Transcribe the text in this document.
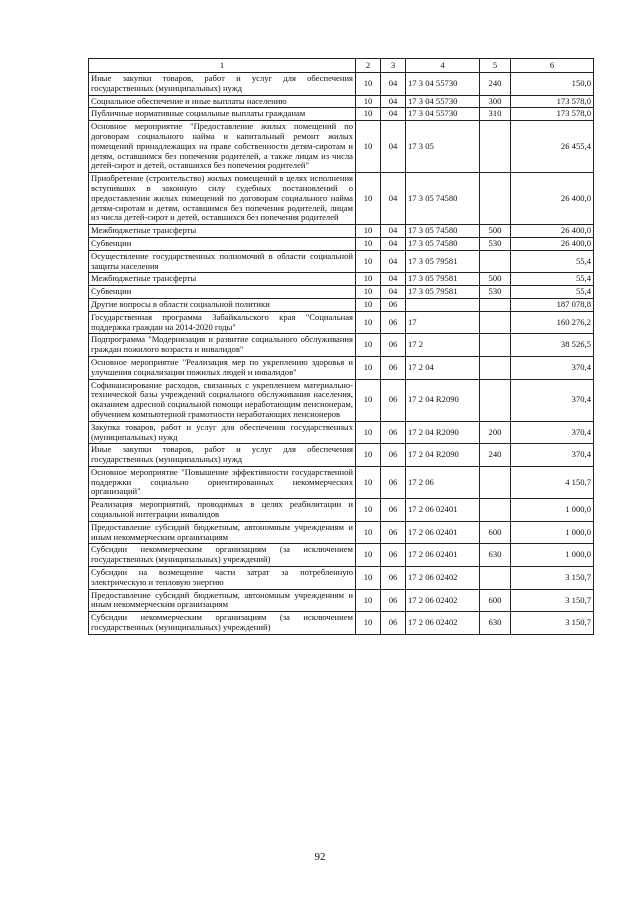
1	2	3	4	5	6
Иные закупки товаров, работ и услуг для обеспечения государственных (муниципальных) нужд	10	04	17 3 04 55730	240	150,0
Социальное обеспечение и иные выплаты населению	10	04	17 3 04 55730	300	173 578,0
Публичные нормативные социальные выплаты гражданам	10	04	17 3 04 55730	310	173 578,0
Основное мероприятие "Предоставление жилых помещений по договорам социального найма и капитальный ремонт жилых помещений принадлежащих на праве собственности детям-сиротам и детям, оставшимся без попечения родителей, а также лицам из числа детей-сирот и детей, оставшихся без попечения родителей"	10	04	17 3 05		26 455,4
Приобретение (строительство) жилых помещений в целях исполнения вступивших в законную силу судебных постановлений о предоставлении жилых помещений по договорам социального найма детям-сиротам и детям, оставшимся без попечения родителей, лицам из числа детей-сирот и детей, оставшихся без попечения родителей	10	04	17 3 05 74580		26 400,0
Межбюджетные трансферты	10	04	17 3 05 74580	500	26 400,0
Субвенции	10	04	17 3 05 74580	530	26 400,0
Осуществление государственных полномочий в области социальной защиты населения	10	04	17 3 05 79581		55,4
Межбюджетные трансферты	10	04	17 3 05 79581	500	55,4
Субвенции	10	04	17 3 05 79581	530	55,4
Другие вопросы в области социальной политики	10	06			187 078,8
Государственная программа Забайкальского края "Социальная поддержка граждан на 2014-2020 годы"	10	06	17		160 276,2
Подпрограмма "Модернизация и развитие социального обслуживания граждан пожилого возраста и инвалидов"	10	06	17 2		38 526,5
Основное мероприятие "Реализация мер по укреплению здоровья и улучшения социализации пожилых людей и инвалидов"	10	06	17 2 04		370,4
Софинансирование расходов, связанных с укреплением материально-технической базы учреждений социального обслуживания населения, оказанием адресной социальной помощи неработающим пенсионерам, обучением компьютерной грамотности неработающих пенсионеров	10	06	17 2 04 R2090		370,4
Закупка товаров, работ и услуг для обеспечения государственных (муниципальных) нужд	10	06	17 2 04 R2090	200	370,4
Иные закупки товаров, работ и услуг для обеспечения государственных (муниципальных) нужд	10	06	17 2 04 R2090	240	370,4
Основное мероприятие "Повышение эффективности государственной поддержки социально ориентированных некоммерческих организаций"	10	06	17 2 06		4 150,7
Реализация мероприятий, проводимых в целях реабилитации и социальной интеграции инвалидов	10	06	17 2 06 02401		1 000,0
Предоставление субсидий бюджетным, автономным учреждениям и иным некоммерческим организациям	10	06	17 2 06 02401	600	1 000,0
Субсидии некоммерческим организациям (за исключением государственных (муниципальных) учреждений)	10	06	17 2 06 02401	630	1 000,0
Субсидии на возмещение части затрат за потребленную электрическую и тепловую энергию	10	06	17 2 06 02402		3 150,7
Предоставление субсидий бюджетным, автономным учреждениям и иным некоммерческим организациям	10	06	17 2 06 02402	600	3 150,7
Субсидии некоммерческим организациям (за исключением государственных (муниципальных) учреждений)	10	06	17 2 06 02402	630	3 150,7
92
